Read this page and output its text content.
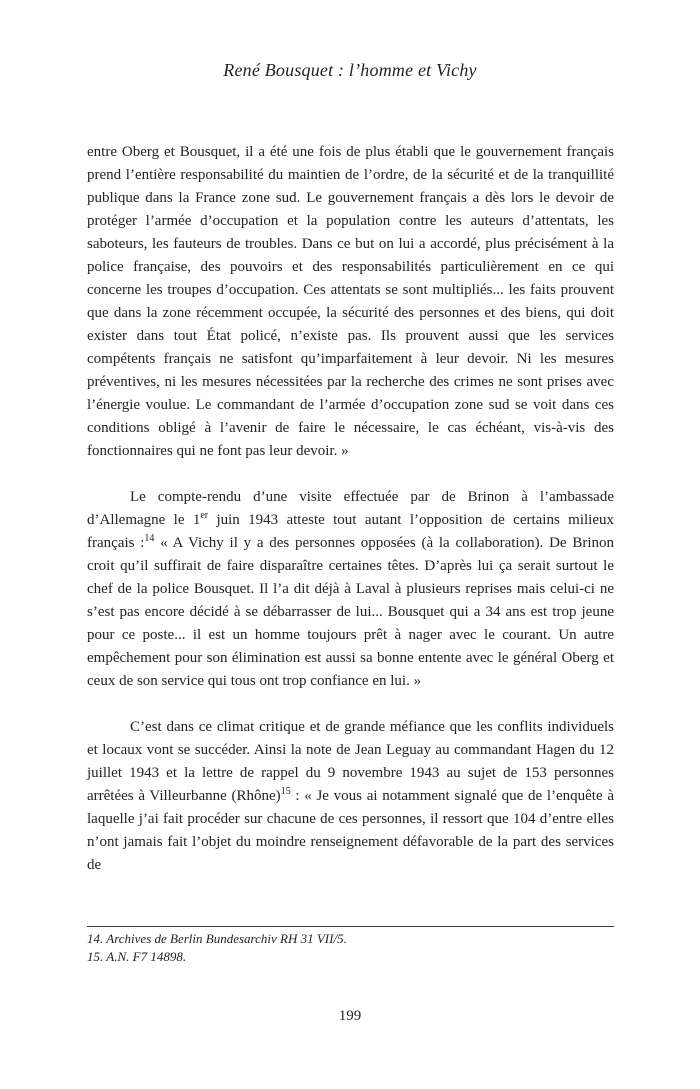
René Bousquet : l’homme et Vichy

entre Oberg et Bousquet, il a été une fois de plus établi que le gouvernement français prend l’entière responsabilité du maintien de l’ordre, de la sécurité et de la tranquillité publique dans la France zone sud. Le gouvernement français a dès lors le devoir de protéger l’armée d’occupation et la population contre les auteurs d’attentats, les saboteurs, les fauteurs de troubles. Dans ce but on lui a accordé, plus précisément à la police française, des pouvoirs et des responsabilités particulièrement en ce qui concerne les troupes d’occupation. Ces attentats se sont multipliés... les faits prouvent que dans la zone récemment occupée, la sécurité des personnes et des biens, qui doit exister dans tout État policé, n’existe pas. Ils prouvent aussi que les services compétents français ne satisfont qu’imparfaitement à leur devoir. Ni les mesures préventives, ni les mesures nécessitées par la recherche des crimes ne sont prises avec l’énergie voulue. Le commandant de l’armée d’occupation zone sud se voit dans ces conditions obligé à l’avenir de faire le nécessaire, le cas échéant, vis-à-vis des fonctionnaires qui ne font pas leur devoir. »

Le compte-rendu d’une visite effectuée par de Brinon à l’ambassade d’Allemagne le 1er juin 1943 atteste tout autant l’opposition de certains milieux français :$^{14}$ « A Vichy il y a des personnes opposées (à la collaboration). De Brinon croit qu’il suffirait de faire disparaître certaines têtes. D’après lui ça serait surtout le chef de la police Bousquet. Il l’a dit déjà à Laval à plusieurs reprises mais celui-ci ne s’est pas encore décidé à se débarrasser de lui... Bousquet qui a 34 ans est trop jeune pour ce poste... il est un homme toujours prêt à nager avec le courant. Un autre empêchement pour son élimination est aussi sa bonne entente avec le général Oberg et ceux de son service qui tous ont trop confiance en lui. »

C’est dans ce climat critique et de grande méfiance que les conflits individuels et locaux vont se succéder. Ainsi la note de Jean Leguay au commandant Hagen du 12 juillet 1943 et la lettre de rappel du 9 novembre 1943 au sujet de 153 personnes arrêtées à Villeurbanne (Rhône)$^{15}$ : « Je vous ai notamment signalé que de l’enquête à laquelle j’ai fait procéder sur chacune de ces personnes, il ressort que 104 d’entre elles n’ont jamais fait l’objet du moindre renseignement défavorable de la part des services de

14. Archives de Berlin Bundesarchiv RH 31 VII/5.
15. A.N. F7 14898.
199
